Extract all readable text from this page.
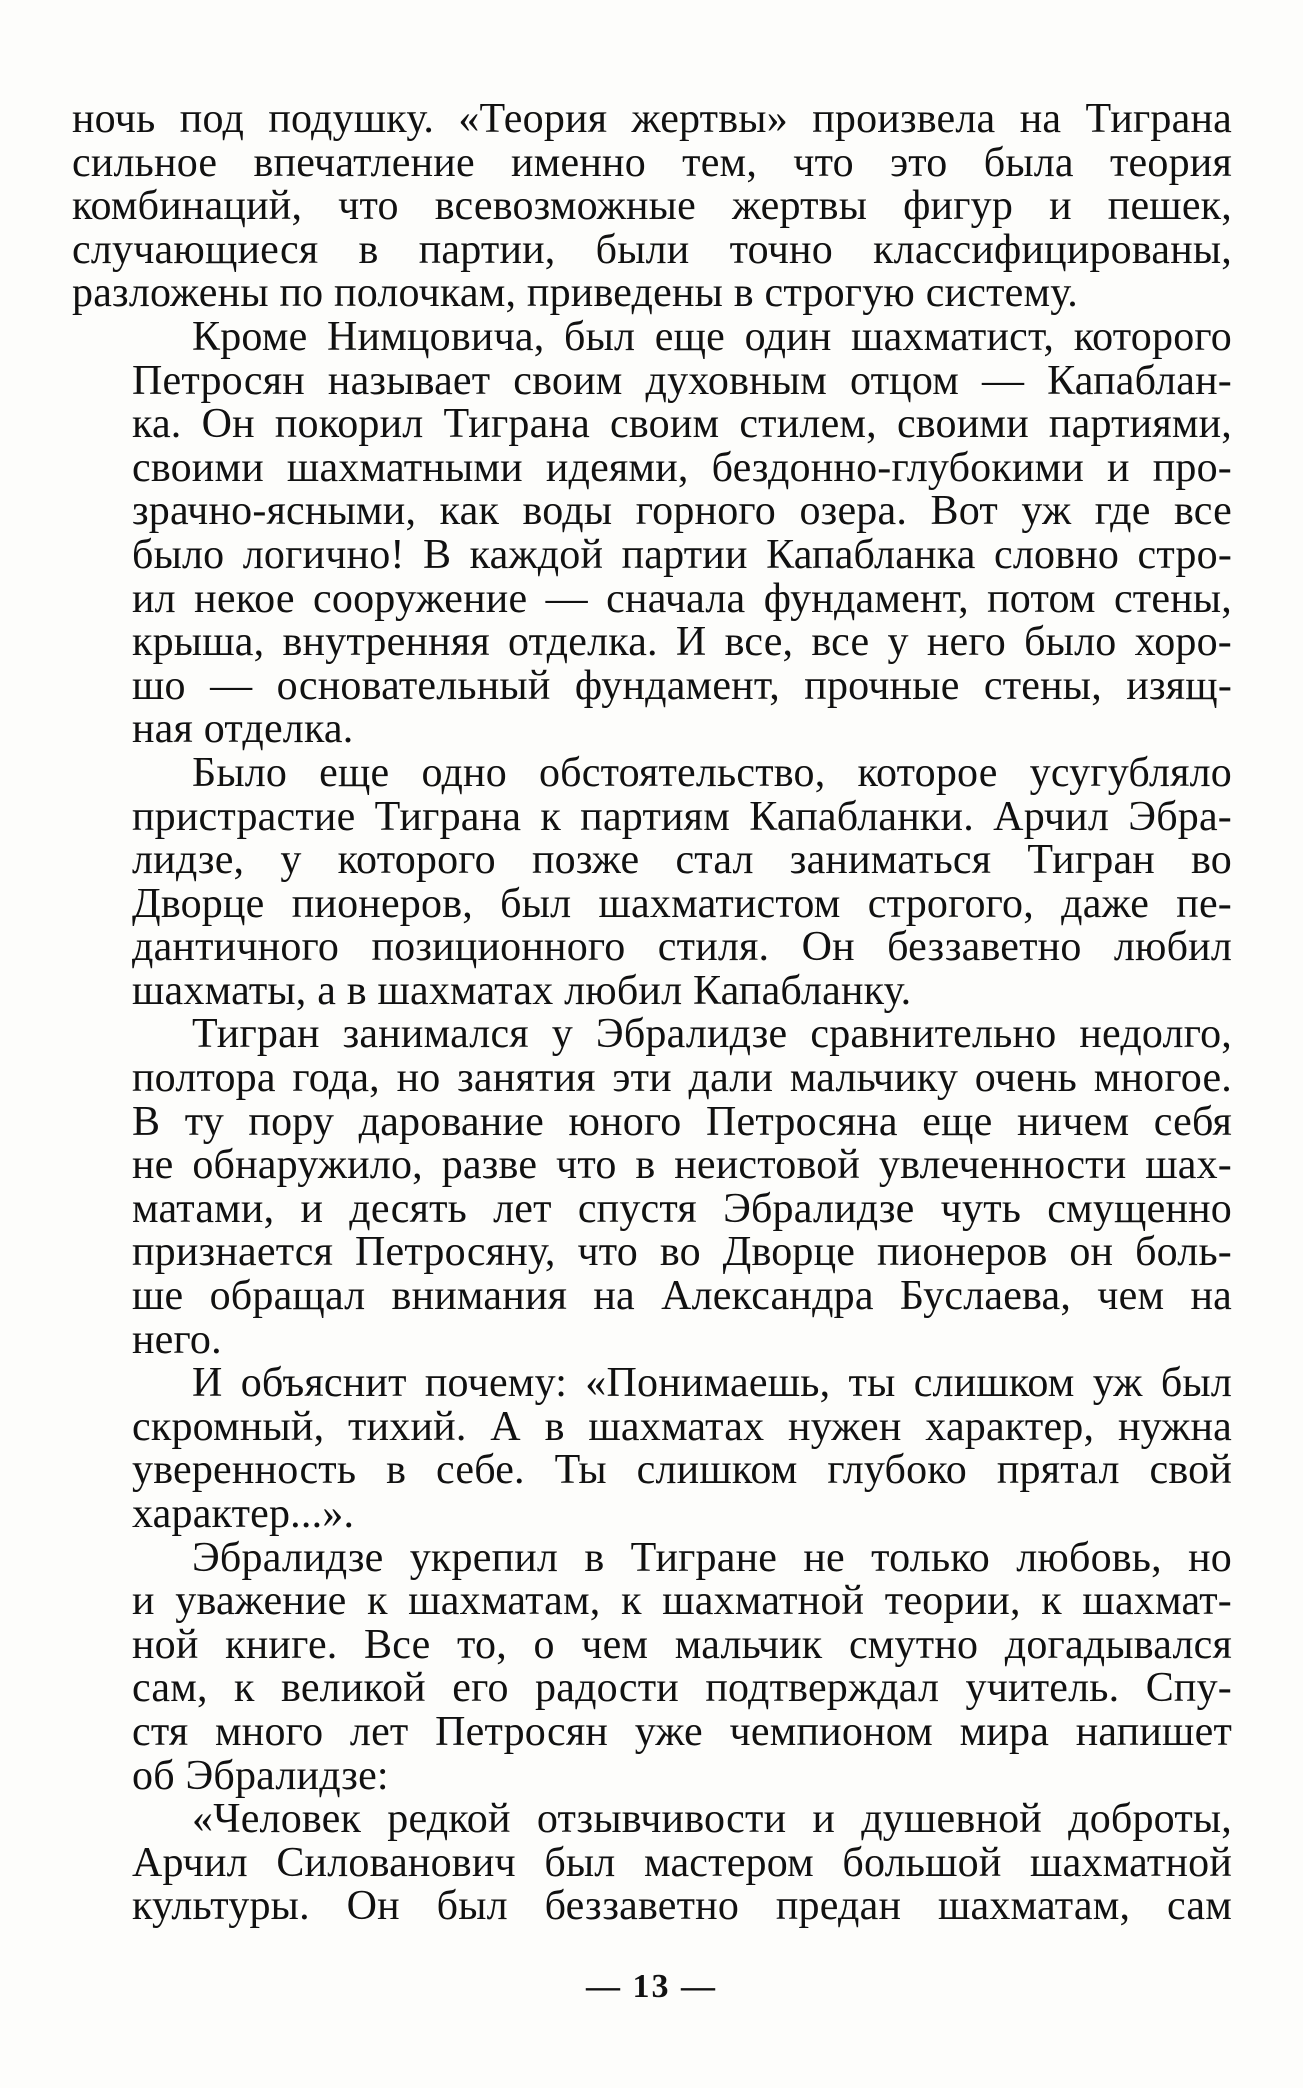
ночь под подушку. «Теория жертвы» произвела на Тиграна
сильное впечатление именно тем, что это была теория
комбинаций, что всевозможные жертвы фигур и пешек,
случающиеся в партии, были точно классифицированы,
разложены по полочкам, приведены в строгую систему.
Кроме Нимцовича, был еще один шахматист, которого
Петросян называет своим духовным отцом — Капаблан-
ка. Он покорил Тиграна своим стилем, своими партиями,
своими шахматными идеями, бездонно-глубокими и про-
зрачно-ясными, как воды горного озера. Вот уж где все
было логично! В каждой партии Капабланка словно стро-
ил некое сооружение — сначала фундамент, потом стены,
крыша, внутренняя отделка. И все, все у него было хоро-
шо — основательный фундамент, прочные стены, изящ-
ная отделка.
Было еще одно обстоятельство, которое усугубляло
пристрастие Тиграна к партиям Капабланки. Арчил Эбра-
лидзе, у которого позже стал заниматься Тигран во
Дворце пионеров, был шахматистом строгого, даже пе-
дантичного позиционного стиля. Он беззаветно любил
шахматы, а в шахматах любил Капабланку.
Тигран занимался у Эбралидзе сравнительно недолго,
полтора года, но занятия эти дали мальчику очень многое.
В ту пору дарование юного Петросяна еще ничем себя
не обнаружило, разве что в неистовой увлеченности шах-
матами, и десять лет спустя Эбралидзе чуть смущенно
признается Петросяну, что во Дворце пионеров он боль-
ше обращал внимания на Александра Буслаева, чем на
него.
И объяснит почему: «Понимаешь, ты слишком уж был
скромный, тихий. А в шахматах нужен характер, нужна
уверенность в себе. Ты слишком глубоко прятал свой
характер...».
Эбралидзе укрепил в Тигране не только любовь, но
и уважение к шахматам, к шахматной теории, к шахмат-
ной книге. Все то, о чем мальчик смутно догадывался
сам, к великой его радости подтверждал учитель. Спу-
стя много лет Петросян уже чемпионом мира напишет
об Эбралидзе:
«Человек редкой отзывчивости и душевной доброты,
Арчил Силованович был мастером большой шахматной
культуры. Он был беззаветно предан шахматам, сам
— 13 —
